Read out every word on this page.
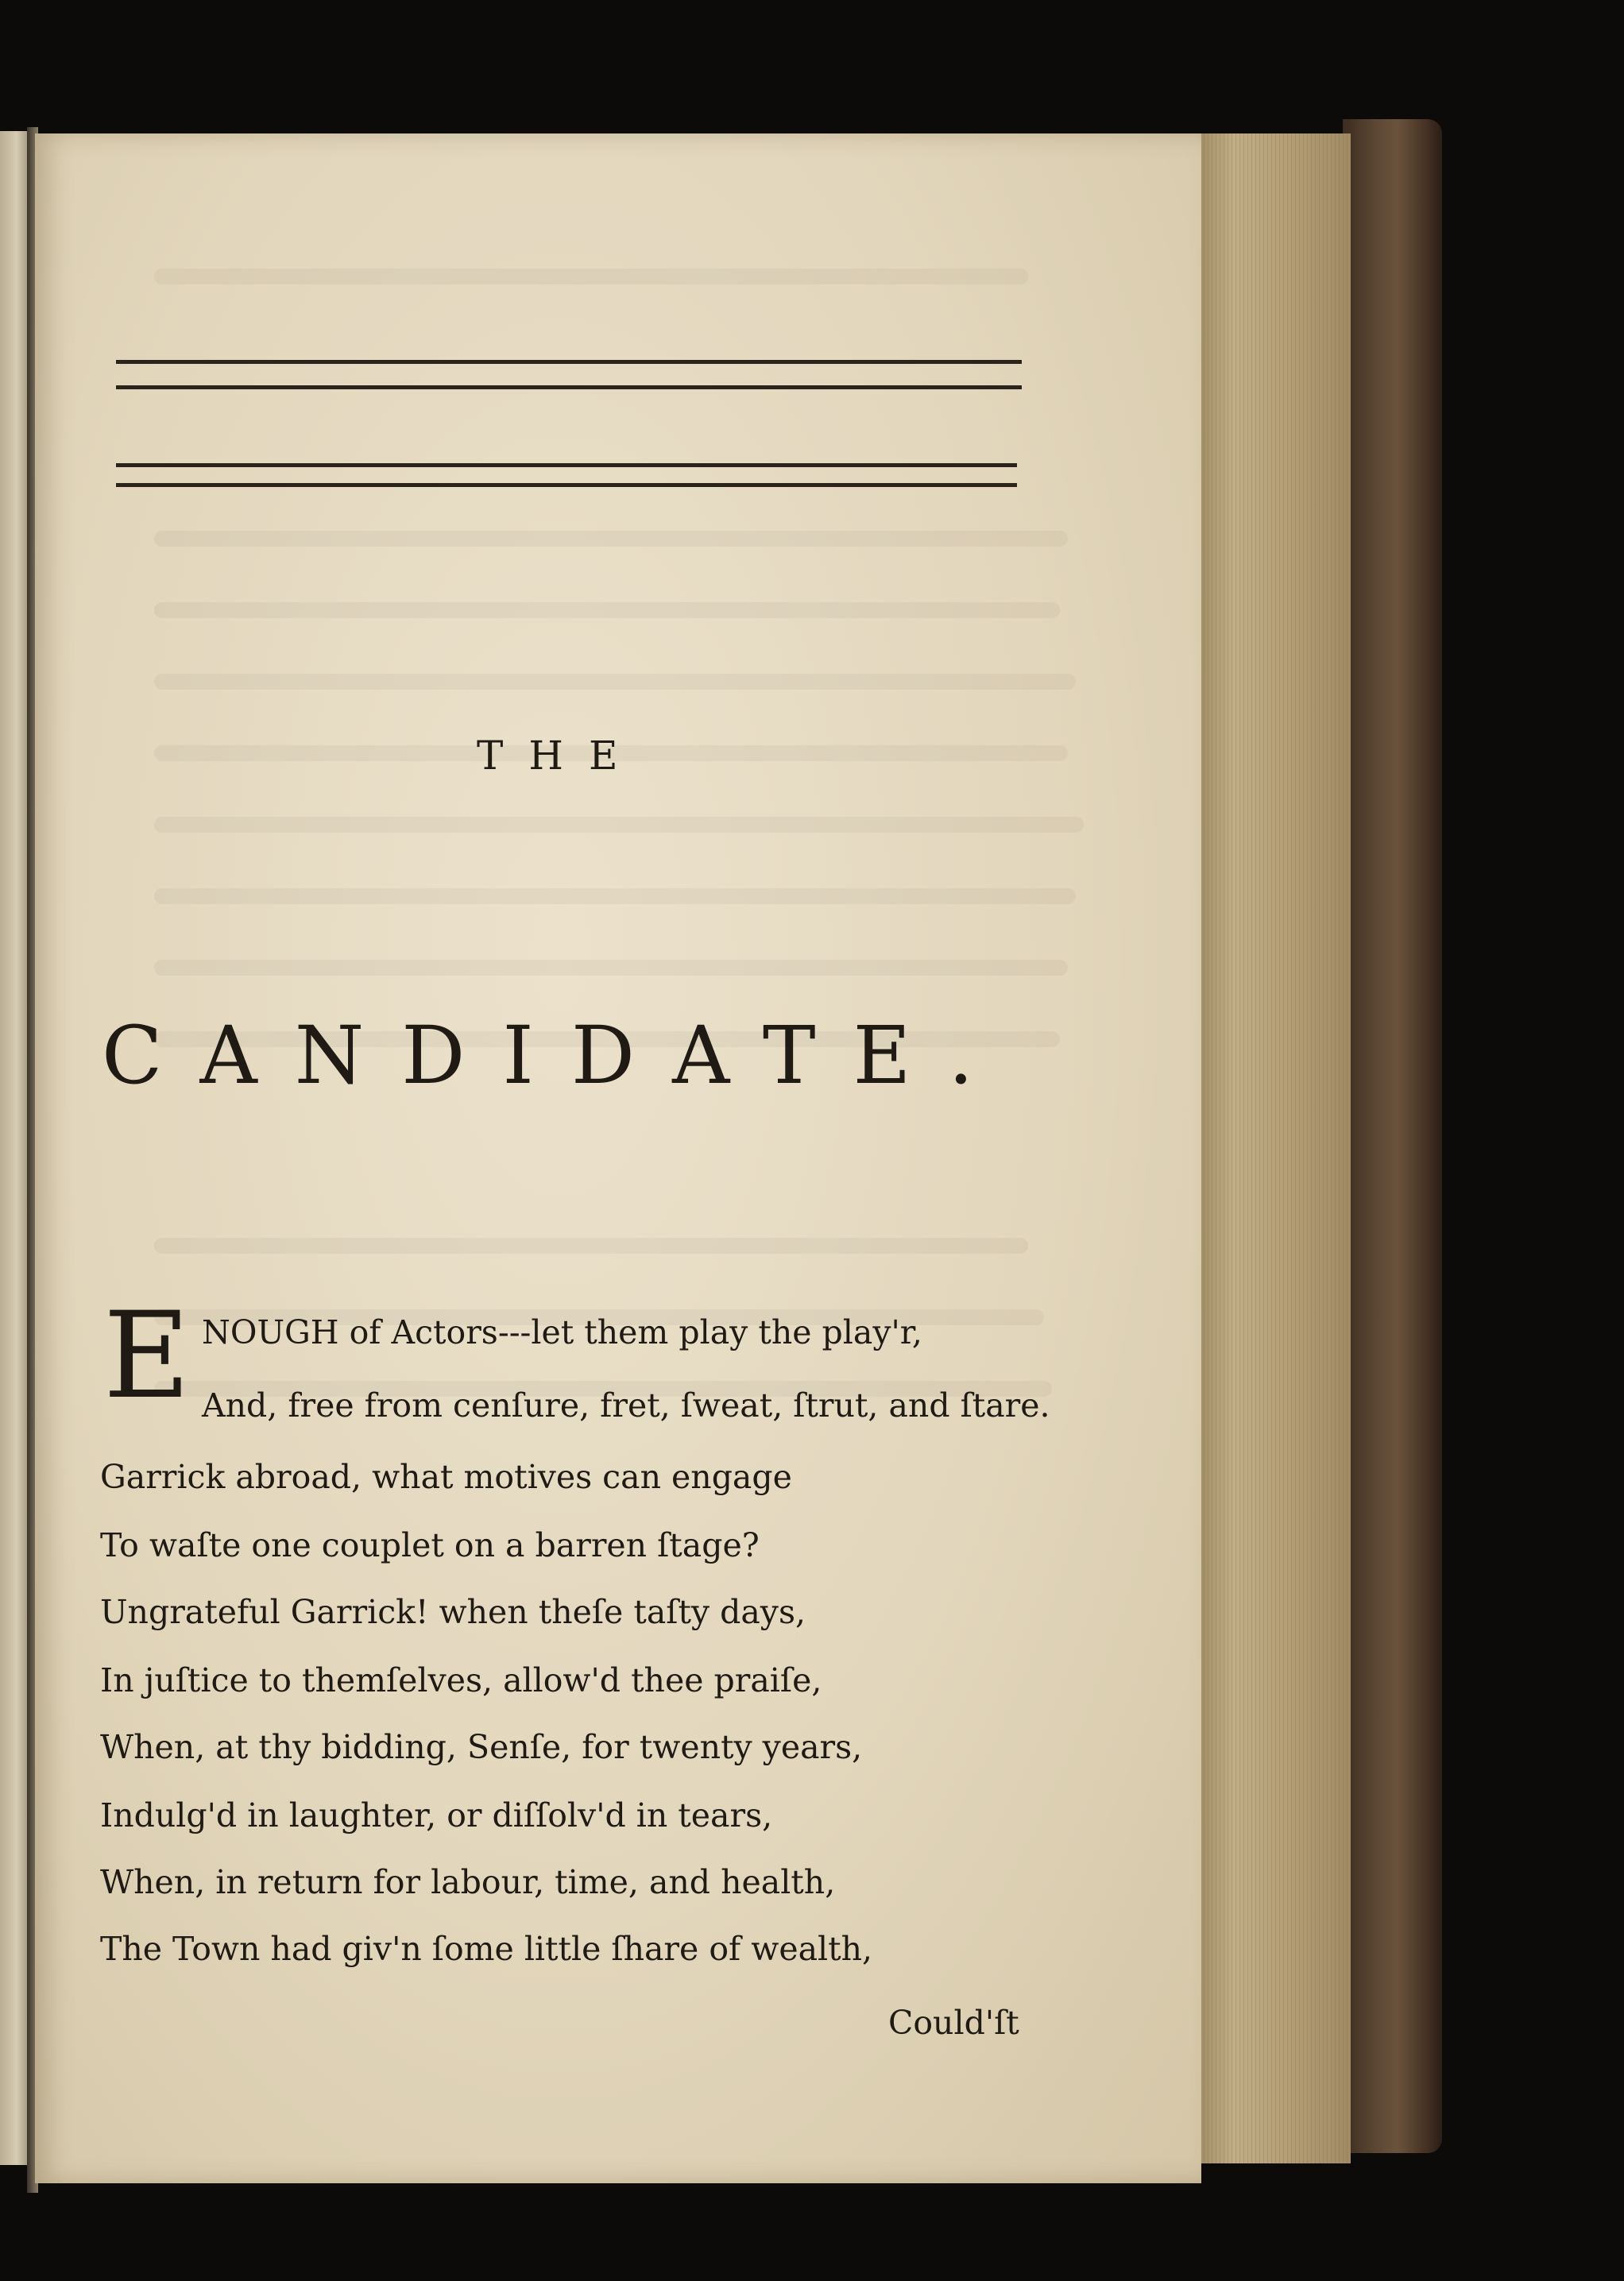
THE
CANDIDATE.
E NOUGH of Actors---let them play the play'r,
And, free from cenſure, fret, ſweat, ſtrut, and ſtare.
Garrick abroad, what motives can engage
To waſte one couplet on a barren ſtage?
Ungrateful Garrick! when theſe taſty days,
In juſtice to themſelves, allow'd thee praiſe,
When, at thy bidding, Senſe, for twenty years,
Indulg'd in laughter, or diſſolv'd in tears,
When, in return for labour, time, and health,
The Town had giv'n ſome little ſhare of wealth,
Could'ſt
